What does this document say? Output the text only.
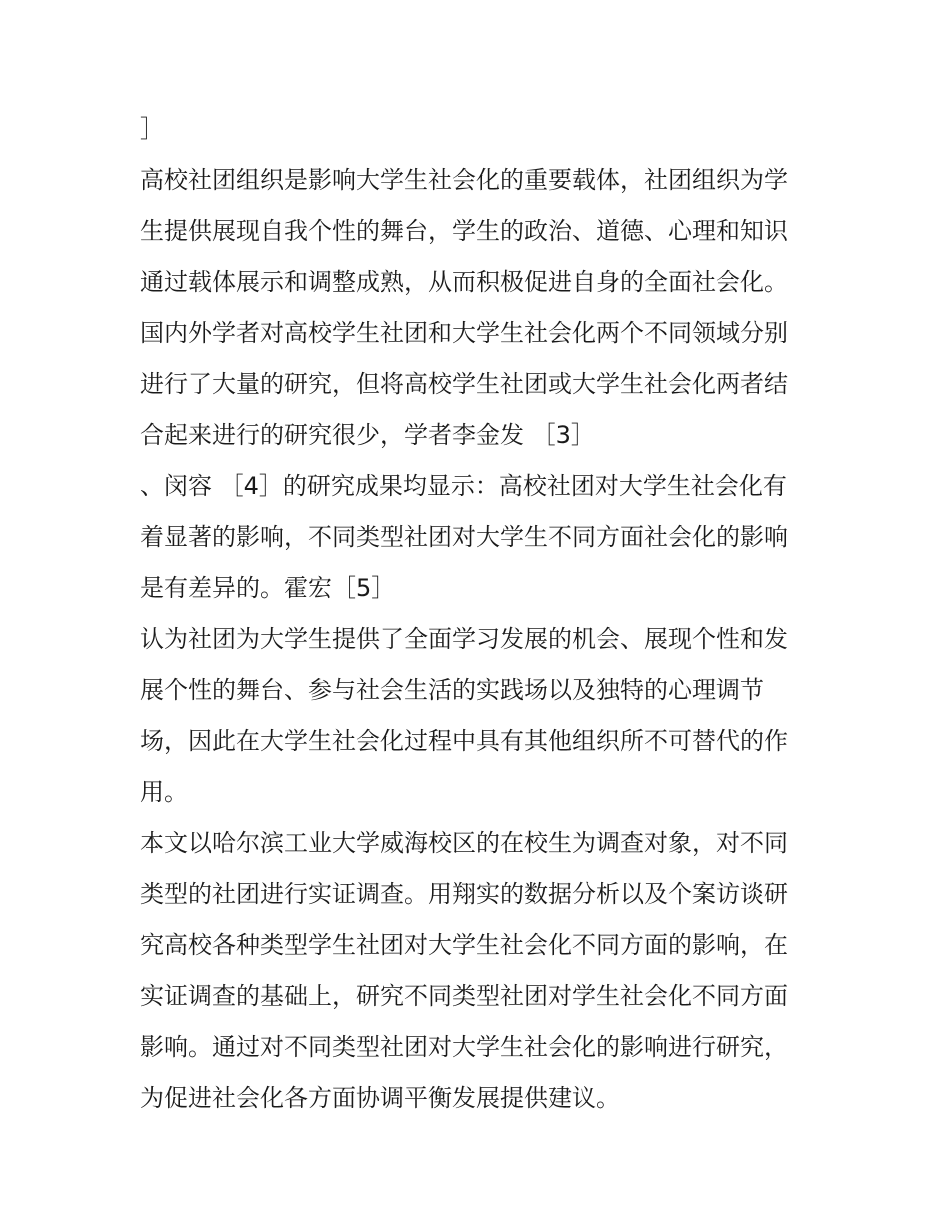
］
高校社团组织是影响大学生社会化的重要载体，社团组织为学
生提供展现自我个性的舞台，学生的政治、道德、心理和知识
通过载体展示和调整成熟，从而积极促进自身的全面社会化。
国内外学者对高校学生社团和大学生社会化两个不同领域分别
进行了大量的研究，但将高校学生社团或大学生社会化两者结
合起来进行的研究很少，学者李金发 ［3］
、闵容 ［4］的研究成果均显示：高校社团对大学生社会化有
着显著的影响，不同类型社团对大学生不同方面社会化的影响
是有差异的。霍宏［5］
认为社团为大学生提供了全面学习发展的机会、展现个性和发
展个性的舞台、参与社会生活的实践场以及独特的心理调节
场，因此在大学生社会化过程中具有其他组织所不可替代的作
用。
本文以哈尔滨工业大学威海校区的在校生为调查对象，对不同
类型的社团进行实证调查。用翔实的数据分析以及个案访谈研
究高校各种类型学生社团对大学生社会化不同方面的影响，在
实证调查的基础上，研究不同类型社团对学生社会化不同方面
影响。通过对不同类型社团对大学生社会化的影响进行研究，
为促进社会化各方面协调平衡发展提供建议。
